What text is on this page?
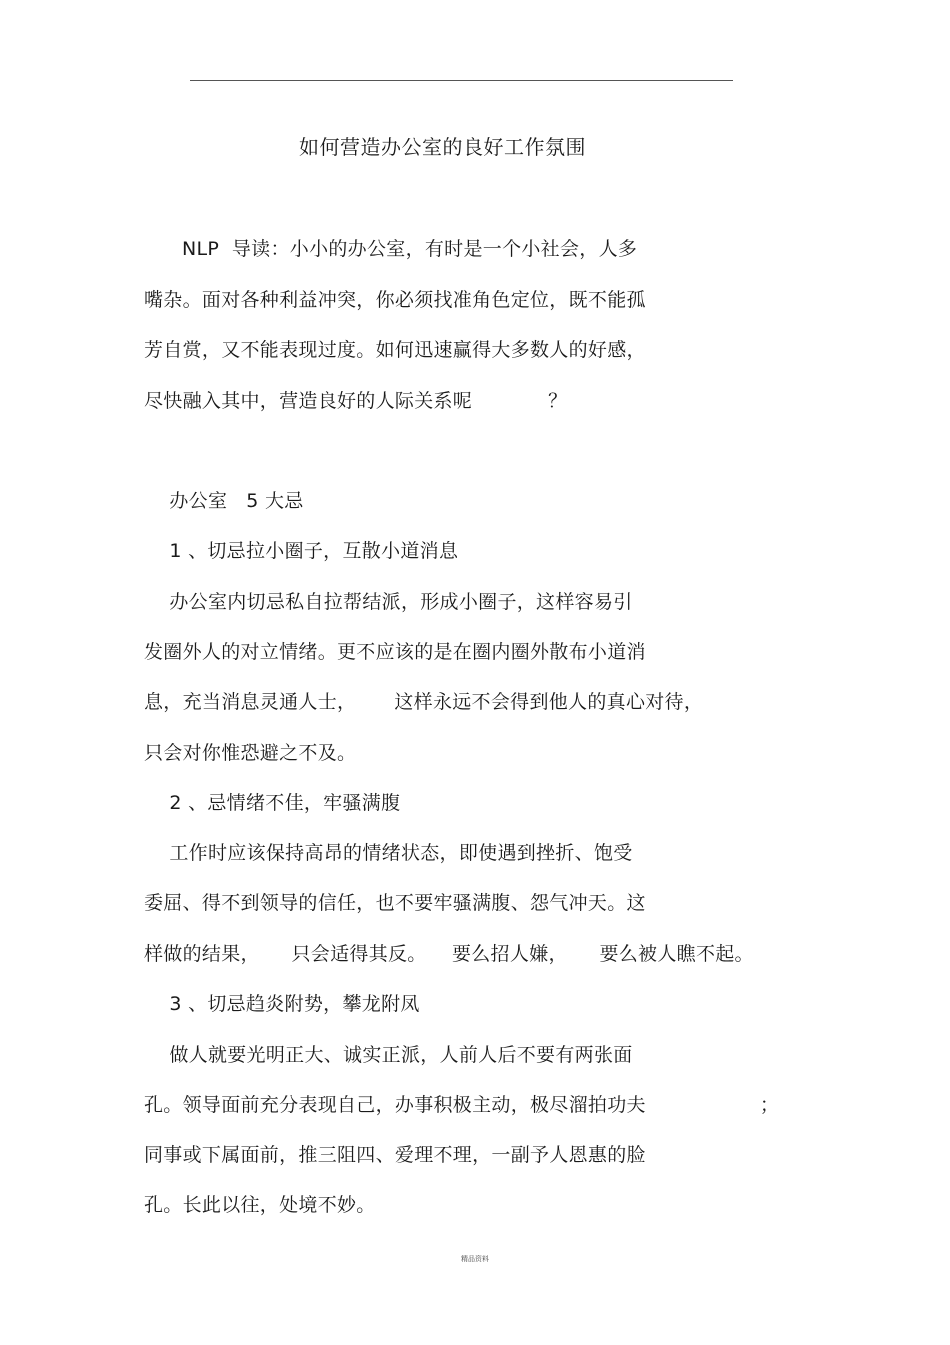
如何营造办公室的良好工作氛围
NLP  导读：小小的办公室，有时是一个小社会，人多
嘴杂。面对各种利益冲突，你必须找准角色定位，既不能孤
芳自赏，又不能表现过度。如何迅速赢得大多数人的好感，
尽快融入其中，营造良好的人际关系呢            ？
办公室   5 大忌
1 、切忌拉小圈子，互散小道消息
办公室内切忌私自拉帮结派，形成小圈子，这样容易引
发圈外人的对立情绪。更不应该的是在圈内圈外散布小道消
息，充当消息灵通人士，      这样永远不会得到他人的真心对待，
只会对你惟恐避之不及。
2 、忌情绪不佳，牢骚满腹
工作时应该保持高昂的情绪状态，即使遇到挫折、饱受
委屈、得不到领导的信任，也不要牢骚满腹、怨气冲天。这
样做的结果，     只会适得其反。    要么招人嫌，     要么被人瞧不起。
3 、切忌趋炎附势，攀龙附凤
做人就要光明正大、诚实正派，人前人后不要有两张面
孔。领导面前充分表现自己，办事积极主动，极尽溜拍功夫                  ；
同事或下属面前，推三阻四、爱理不理，一副予人恩惠的脸
孔。长此以往，处境不妙。
精品资料
